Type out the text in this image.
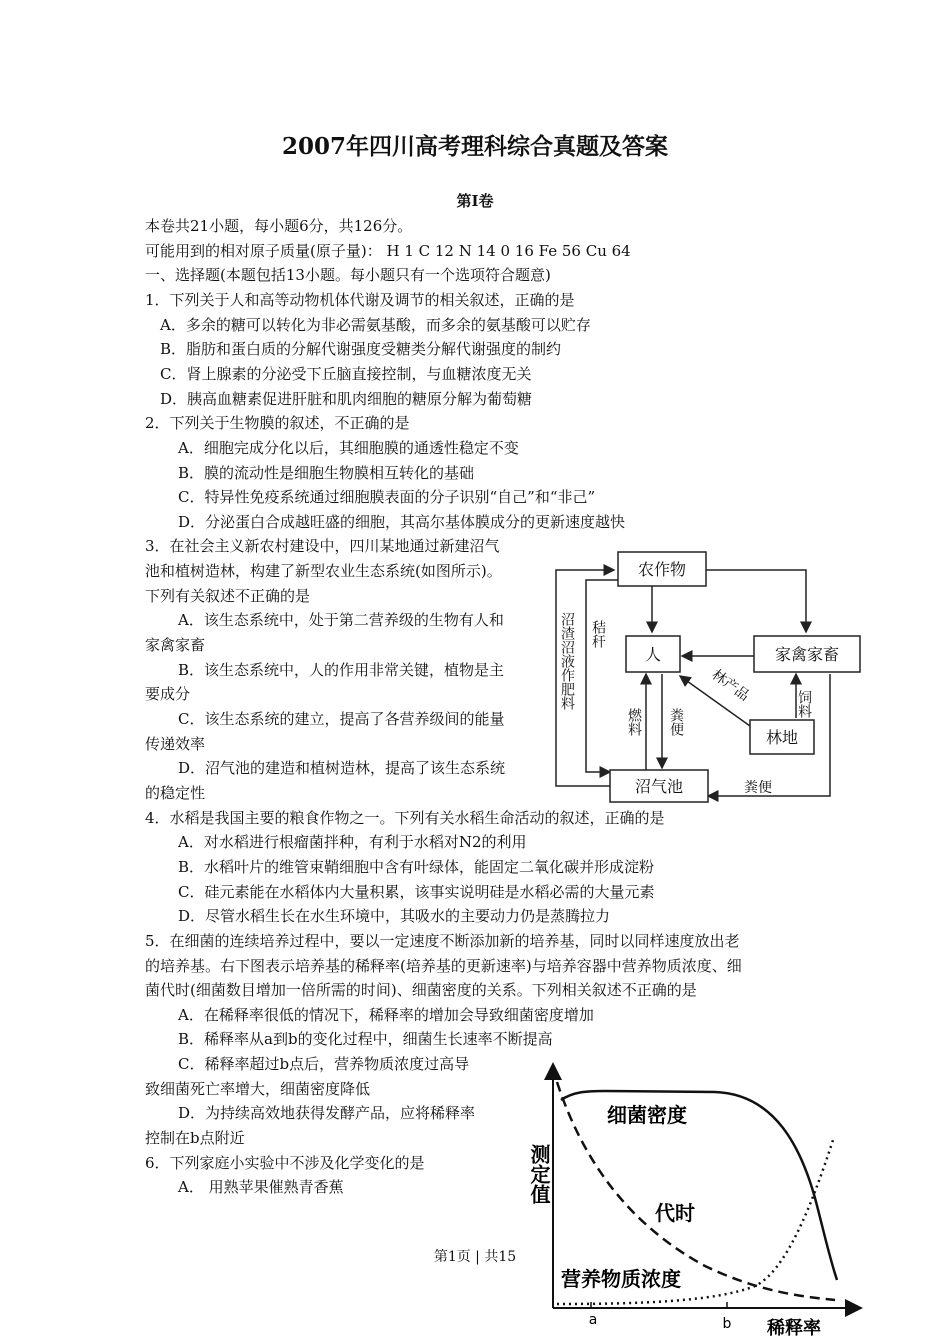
2007年四川高考理科综合真题及答案
第Ⅰ卷
本卷共21小题，每小题6分，共126分。
可能用到的相对原子质量(原子量)： H 1 C 12 N 14 0 16 Fe 56 Cu 64
一、选择题(本题包括13小题。每小题只有一个选项符合题意)
1．下列关于人和高等动物机体代谢及调节的相关叙述，正确的是
A．多余的糖可以转化为非必需氨基酸，而多余的氨基酸可以贮存
B．脂肪和蛋白质的分解代谢强度受糖类分解代谢强度的制约
C．肾上腺素的分泌受下丘脑直接控制，与血糖浓度无关
D．胰高血糖素促进肝脏和肌肉细胞的糖原分解为葡萄糖
2．下列关于生物膜的叙述，不正确的是
A．细胞完成分化以后，其细胞膜的通透性稳定不变
B．膜的流动性是细胞生物膜相互转化的基础
C．特异性免疫系统通过细胞膜表面的分子识别“自己”和“非己”
D．分泌蛋白合成越旺盛的细胞，其高尔基体膜成分的更新速度越快
3．在社会主义新农村建设中，四川某地通过新建沼气
池和植树造林，构建了新型农业生态系统(如图所示)。
下列有关叙述不正确的是
A．该生态系统中，处于第二营养级的生物有人和
家禽家畜
B．该生态系统中，人的作用非常关键，植物是主
要成分
C．该生态系统的建立，提高了各营养级间的能量
传递效率
D．沼气池的建造和植树造林，提高了该生态系统
的稳定性
4．水稻是我国主要的粮食作物之一。下列有关水稻生命活动的叙述，正确的是
A．对水稻进行根瘤菌拌种，有利于水稻对N2的利用
B．水稻叶片的维管束鞘细胞中含有叶绿体，能固定二氧化碳并形成淀粉
C．硅元素能在水稻体内大量积累，该事实说明硅是水稻必需的大量元素
D．尽管水稻生长在水生环境中，其吸水的主要动力仍是蒸腾拉力
5．在细菌的连续培养过程中，要以一定速度不断添加新的培养基，同时以同样速度放出老
的培养基。右下图表示培养基的稀释率(培养基的更新速率)与培养容器中营养物质浓度、细
菌代时(细菌数目增加一倍所需的时间)、细菌密度的关系。下列相关叙述不正确的是
A．在稀释率很低的情况下，稀释率的增加会导致细菌密度增加
B．稀释率从a到b的变化过程中，细菌生长速率不断提高
C．稀释率超过b点后，营养物质浓度过高导
致细菌死亡率增大，细菌密度降低
D．为持续高效地获得发酵产品，应将稀释率
控制在b点附近
6．下列家庭小实验中不涉及化学变化的是
A． 用熟苹果催熟青香蕉
农作物
人	家禽家畜
林地
沼气池
沼渣沼液作肥料 秸秆
燃料 粪便
粪便
林产品	饲料
a	b
测定值
稀释率
细菌密度
代时
营养物质浓度
第1页 | 共15
